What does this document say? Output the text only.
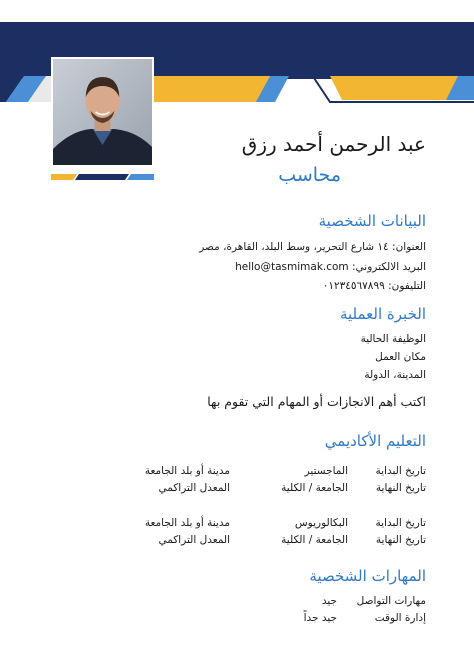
عبد الرحمن أحمد رزق
محاسب
البيانات الشخصية
العنوان: ١٤ شارع التحرير، وسط البلد، القاهرة، مصر
البريد الالكتروني: hello@tasmimak.com
التليفون: ٠١٢٣٤٥٦٧٨٩٩
الخبرة العملية
الوظيفة الحالية
مكان العمل
المدينة، الدولة
اكتب أهم الانجازات أو المهام التي تقوم بها
التعليم الأكاديمي
تاريخ البداية
تاريخ النهاية
الماجستير
الجامعة / الكلية
مدينة أو بلد الجامعة
المعدل التراكمي
تاريخ البداية
تاريخ النهاية
البكالوريوس
الجامعة / الكلية
مدينة أو بلد الجامعة
المعدل التراكمي
المهارات الشخصية
مهارات التواصل
جيد
إدارة الوقت
جيد جداً
